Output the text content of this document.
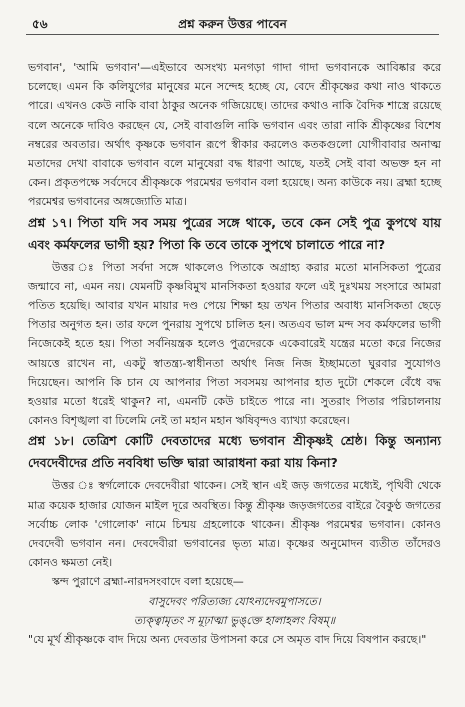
৫৬	প্রশ্ন করুন উত্তর পাবেন

ভগবান', 'আমি ভগবান'—এইভাবে অসংখ্য মনগড়া গাদা গাদা ভগবানকে আবিষ্কার করে চলেছে। এমন কি কলিযুগের মানুষের মনে সন্দেহ হচ্ছে যে, বেদে শ্রীকৃষ্ণের কথা নাও থাকতে পারে। এখনও কেউ নাকি বাবা ঠাকুর অনেক গজিয়েছে। তাদের কথাও নাকি বৈদিক শাস্ত্রে রয়েছে বলে অনেকে দাবিও করছেন যে, সেই বাবাগুলি নাকি ভগবান এবং তারা নাকি শ্রীকৃষ্ণের বিশেষ নম্বরের অবতার। অর্থাৎ কৃষ্ণকে ভগবান রূপে স্বীকার করলেও কতকগুলো যোগীবাবার অনাত্ম মতাদের দেখা বাবাকে ভগবান বলে মানুষেরা বদ্ধ ধারণা আছে, যতই সেই বাবা অভক্ত হন না কেন। প্রকৃতপক্ষে সর্বদেবে শ্রীকৃষ্ণকে পরমেশ্বর ভগবান বলা হয়েছে। অন্য কাউকে নয়। ব্রহ্মা হচ্ছে পরমেশ্বর ভগবানের অঙ্গজ্যোতি মাত্র।

প্রশ্ন ১৭। পিতা যদি সব সময় পুত্রের সঙ্গে থাকে, তবে কেন সেই পুত্র কুপথে যায় এবং কর্মফলের ভাগী হয়? পিতা কি তবে তাকে সুপথে চালাতে পারে না?

উত্তর ঃ পিতা সর্বদা সঙ্গে থাকলেও পিতাকে অগ্রাহ্য করার মতো মানসিকতা পুত্রের জন্মাবে না, এমন নয়। যেমনটি কৃষ্ণবিমুখ মানসিকতা হওয়ার ফলে এই দুঃখময় সংসারে আমরা পতিত হয়েছি। আবার যখন মায়ার দণ্ড পেয়ে শিক্ষা হয় তখন পিতার অবাধ্য মানসিকতা ছেড়ে পিতার অনুগত হন। তার ফলে পুনরায় সুপথে চালিত হন। অতএব ভাল মন্দ সব কর্মফলের ভাগী নিজেকেই হতে হয়। পিতা সর্বনিয়ন্ত্রক হলেও পুত্রদেরকে একেবারেই যন্ত্রের মতো করে নিজের আয়ত্তে রাখেন না, একটু স্বাতন্ত্র্য-স্বাধীনতা অর্থাৎ নিজ নিজ ইচ্ছামতো ঘুরবার সুযোগও দিয়েছেন। আপনি কি চান যে আপনার পিতা সবসময় আপনার হাত দুটো শেকলে বেঁধে বদ্ধ হওয়ার মতো ধরেই থাকুন? না, এমনটি কেউ চাইতে পারে না। সুতরাং পিতার পরিচালনায় কোনও বিশৃঙ্খলা বা ঢিলেমি নেই তা মহান মহান ঋষিবৃন্দও ব্যাখ্যা করেছেন।

প্রশ্ন ১৮। তেত্রিশ কোটি দেবতাদের মধ্যে ভগবান শ্রীকৃষ্ণই শ্রেষ্ঠ। কিন্তু অন্যান্য দেবদেবীদের প্রতি নববিধা ভক্তি দ্বারা আরাধনা করা যায় কিনা?

উত্তর ঃ স্বর্গলোকে দেবদেবীরা থাকেন। সেই স্থান এই জড় জগতের মধ্যেই, পৃথিবী থেকে মাত্র কয়েক হাজার যোজন মাইল দূরে অবস্থিত। কিন্তু শ্রীকৃষ্ণ জড়জগতের বাইরে বৈকুণ্ঠ জগতের সর্বোচ্চ লোক 'গোলোক' নামে চিন্ময় গ্রহলোকে থাকেন। শ্রীকৃষ্ণ পরমেশ্বর ভগবান। কোনও দেবদেবী ভগবান নন। দেবদেবীরা ভগবানের ভৃত্য মাত্র। কৃষ্ণের অনুমোদন ব্যতীত তাঁদেরও কোনও ক্ষমতা নেই।

স্কন্দ পুরাণে ব্রহ্মা-নারদসংবাদে বলা হয়েছে—

বাসুদেবং পরিত্যজ্য যোঽন্যদেবমুপাসতে।

ত্যক্ত্বামৃতং স মূঢ়াত্মা ভুঙ্‌ক্তে হালাহলং বিষম্॥

"যে মূর্খ শ্রীকৃষ্ণকে বাদ দিয়ে অন্য দেবতার উপাসনা করে সে অমৃত বাদ দিয়ে বিষপান করছে।"
